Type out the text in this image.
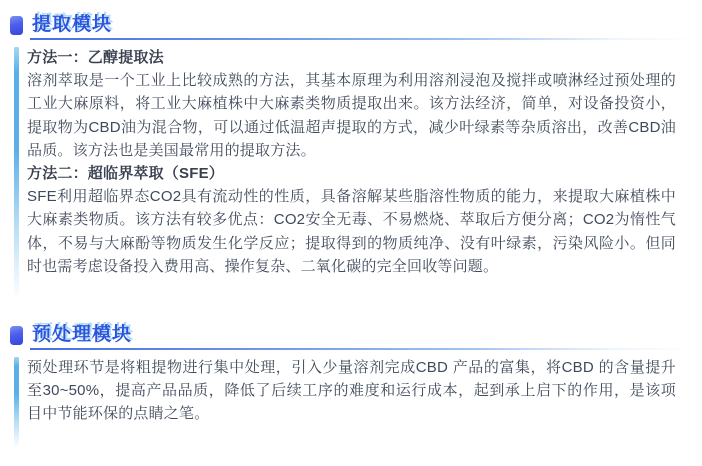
提取模块

方法一：乙醇提取法

溶剂萃取是一个工业上比较成熟的方法，其基本原理为利用溶剂浸泡及搅拌或喷淋经过预处理的工业大麻原料，将工业大麻植株中大麻素类物质提取出来。该方法经济，简单，对设备投资小，提取物为CBD油为混合物，可以通过低温超声提取的方式，减少叶绿素等杂质溶出，改善CBD油品质。该方法也是美国最常用的提取方法。

方法二：超临界萃取（SFE）

SFE利用超临界态CO2具有流动性的性质，具备溶解某些脂溶性物质的能力，来提取大麻植株中大麻素类物质。该方法有较多优点：CO2安全无毒、不易燃烧、萃取后方便分离；CO2为惰性气体，不易与大麻酚等物质发生化学反应；提取得到的物质纯净、没有叶绿素，污染风险小。但同时也需考虑设备投入费用高、操作复杂、二氧化碳的完全回收等问题。

预处理模块

预处理环节是将粗提物进行集中处理，引入少量溶剂完成CBD 产品的富集，将CBD 的含量提升至30~50%，提高产品品质，降低了后续工序的难度和运行成本，起到承上启下的作用，是该项目中节能环保的点睛之笔。
